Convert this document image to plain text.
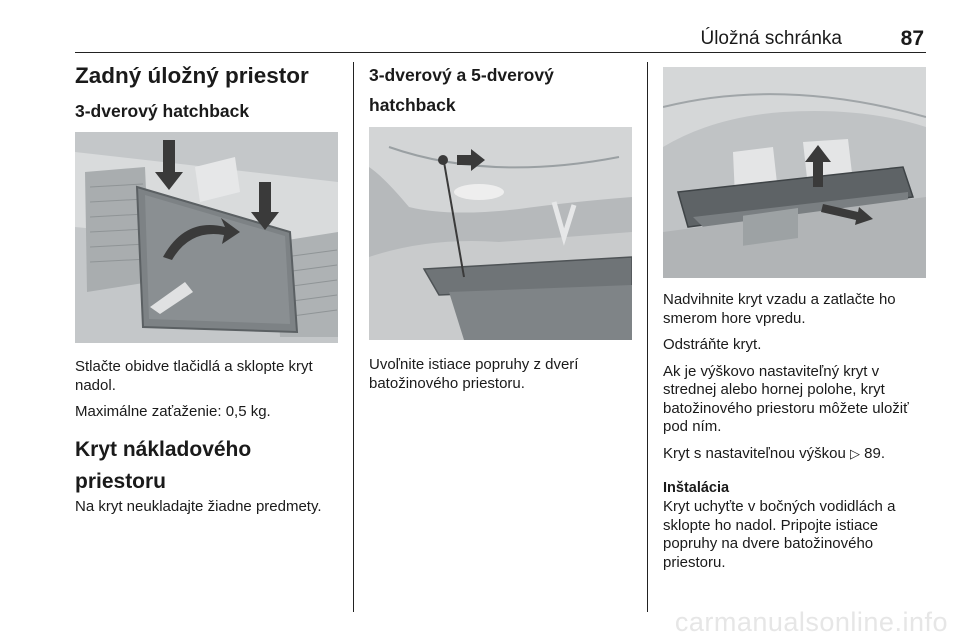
Úložná schránka	87

Zadný úložný priestor

3-dverový hatchback

Stlačte obidve tlačidlá a sklopte kryt nadol.

Maximálne zaťaženie: 0,5 kg.

Kryt nákladového priestoru

Na kryt neukladajte žiadne predmety.

3-dverový a 5-dverový hatchback

Uvoľnite istiace popruhy z dverí batožinového priestoru.

Nadvihnite kryt vzadu a zatlačte ho smerom hore vpredu.

Odstráňte kryt.

Ak je výškovo nastaviteľný kryt v strednej alebo hornej polohe, kryt batožinového priestoru môžete uložiť pod ním.

Kryt s nastaviteľnou výškou ▷ 89.

Inštalácia

Kryt uchyťte v bočných vodidlách a sklopte ho nadol. Pripojte istiace popruhy na dvere batožinového priestoru.

carmanualsonline.info
